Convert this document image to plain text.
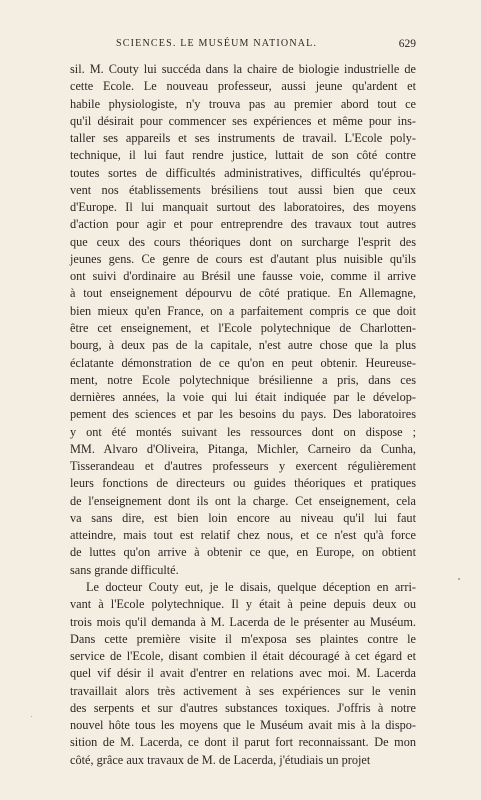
SCIENCES. LE MUSÉUM NATIONAL.	629

sil. M. Couty lui succéda dans la chaire de biologie industrielle de
cette Ecole. Le nouveau professeur, aussi jeune qu'ardent et
habile physiologiste, n'y trouva pas au premier abord tout ce
qu'il désirait pour commencer ses expériences et même pour ins-
taller ses appareils et ses instruments de travail. L'Ecole poly-
technique, il lui faut rendre justice, luttait de son côté contre
toutes sortes de difficultés administratives, difficultés qu'éprou-
vent nos établissements brésiliens tout aussi bien que ceux
d'Europe. Il lui manquait surtout des laboratoires, des moyens
d'action pour agir et pour entreprendre des travaux tout autres
que ceux des cours théoriques dont on surcharge l'esprit des
jeunes gens. Ce genre de cours est d'autant plus nuisible qu'ils
ont suivi d'ordinaire au Brésil une fausse voie, comme il arrive
à tout enseignement dépourvu de côté pratique. En Allemagne,
bien mieux qu'en France, on a parfaitement compris ce que doit
être cet enseignement, et l'Ecole polytechnique de Charlotten-
bourg, à deux pas de la capitale, n'est autre chose que la plus
éclatante démonstration de ce qu'on en peut obtenir. Heureuse-
ment, notre Ecole polytechnique brésilienne a pris, dans ces
dernières années, la voie qui lui était indiquée par le dévelop-
pement des sciences et par les besoins du pays. Des laboratoires
y ont été montés suivant les ressources dont on dispose ;
MM. Alvaro d'Oliveira, Pitanga, Michler, Carneiro da Cunha,
Tisserandeau et d'autres professeurs y exercent régulièrement
leurs fonctions de directeurs ou guides théoriques et pratiques
de l'enseignement dont ils ont la charge. Cet enseignement, cela
va sans dire, est bien loin encore au niveau qu'il lui faut
atteindre, mais tout est relatif chez nous, et ce n'est qu'à force
de luttes qu'on arrive à obtenir ce que, en Europe, on obtient
sans grande difficulté.

Le docteur Couty eut, je le disais, quelque déception en arri-
vant à l'Ecole polytechnique. Il y était à peine depuis deux ou
trois mois qu'il demanda à M. Lacerda de le présenter au Muséum.
Dans cette première visite il m'exposa ses plaintes contre le
service de l'Ecole, disant combien il était découragé à cet égard et
quel vif désir il avait d'entrer en relations avec moi. M. Lacerda
travaillait alors très activement à ses expériences sur le venin
des serpents et sur d'autres substances toxiques. J'offris à notre
nouvel hôte tous les moyens que le Muséum avait mis à la dispo-
sition de M. Lacerda, ce dont il parut fort reconnaissant. De mon
côté, grâce aux travaux de M. de Lacerda, j'étudiais un projet
